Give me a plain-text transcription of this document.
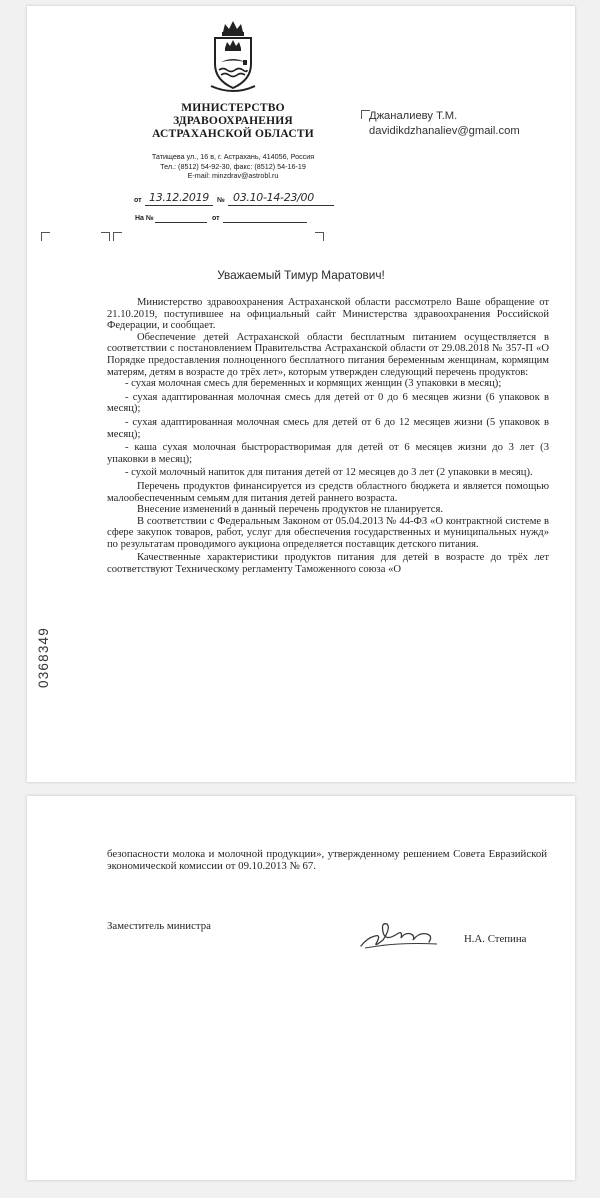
МИНИСТЕРСТВО
ЗДРАВООХРАНЕНИЯ
АСТРАХАНСКОЙ ОБЛАСТИ
Татищева ул., 16 в, г. Астрахань, 414056, Россия
Тел.: (8512) 54-92-30, факс: (8512) 54-16-19
E-mail: minzdrav@astrobl.ru
от 13.12.2019 № 03.10-14-23/00
На №	от
Джаналиеву Т.М.
davidikdzhanaliev@gmail.com
Уважаемый Тимур Маратович!

Министерство здравоохранения Астраханской области рассмотрело Ваше обращение от 21.10.2019, поступившее на официальный сайт Министерства здравоохранения Российской Федерации, и сообщает.

Обеспечение детей Астраханской области бесплатным питанием осуществляется в соответствии с постановлением Правительства Астраханской области от 29.08.2018 № 357-П «О Порядке предоставления полноценного бесплатного питания беременным женщинам, кормящим матерям, детям в возрасте до трёх лет», которым утвержден следующий перечень продуктов:

- сухая молочная смесь для беременных и кормящих женщин (3 упаковки в месяц);

- сухая адаптированная молочная смесь для детей от 0 до 6 месяцев жизни (6 упаковок в месяц);

- сухая адаптированная молочная смесь для детей от 6 до 12 месяцев жизни (5 упаковок в месяц);

- каша сухая молочная быстрорастворимая для детей от 6 месяцев жизни до 3 лет (3 упаковки в месяц);

- сухой молочный напиток для питания детей от 12 месяцев до 3 лет (2 упаковки в месяц).

Перечень продуктов финансируется из средств областного бюджета и является помощью малообеспеченным семьям для питания детей раннего возраста.

Внесение изменений в данный перечень продуктов не планируется.

В соответствии с Федеральным Законом от 05.04.2013 № 44-ФЗ «О контрактной системе в сфере закупок товаров, работ, услуг для обеспечения государственных и муниципальных нужд» по результатам проводимого аукциона определяется поставщик детского питания.

Качественные характеристики продуктов питания для детей в возрасте до трёх лет соответствуют Техническому регламенту Таможенного союза «О

0368349

безопасности молока и молочной продукции», утвержденному решением Совета Евразийской экономической комиссии от 09.10.2013 № 67.

Заместитель министра
Н.А. Степина
